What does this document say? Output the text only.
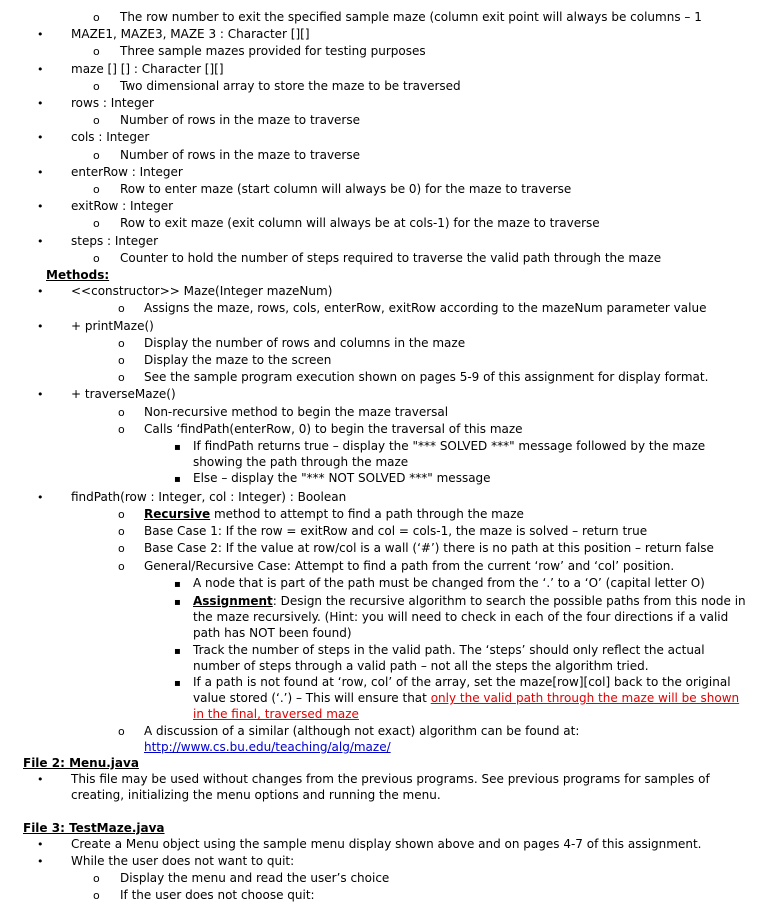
o
The row number to exit the specified sample maze (column exit point will always be columns – 1
•
MAZE1, MAZE3, MAZE 3 : Character [][]
o
Three sample mazes provided for testing purposes
•
maze [] [] : Character [][]
o
Two dimensional array to store the maze to be traversed
•
rows : Integer
o
Number of rows in the maze to traverse
•
cols : Integer
o
Number of rows in the maze to traverse
•
enterRow : Integer
o
Row to enter maze (start column will always be 0) for the maze to traverse
•
exitRow : Integer
o
Row to exit maze (exit column will always be at cols-1) for the maze to traverse
•
steps : Integer
o
Counter to hold the number of steps required to traverse the valid path through the maze
Methods:
•
<<constructor>> Maze(Integer mazeNum)
o
Assigns the maze, rows, cols, enterRow, exitRow according to the mazeNum parameter value
•
+ printMaze()
o
Display the number of rows and columns in the maze
o
Display the maze to the screen
o
See the sample program execution shown on pages 5-9 of this assignment for display format.
•
+ traverseMaze()
o
Non-recursive method to begin the maze traversal
o
Calls ‘findPath(enterRow, 0) to begin the traversal of this maze
▪
If findPath returns true – display the "*** SOLVED ***" message followed by the maze showing the path through the maze
▪
Else – display the "*** NOT SOLVED ***" message
•
findPath(row : Integer, col : Integer) : Boolean
o
Recursive method to attempt to find a path through the maze
o
Base Case 1: If the row = exitRow and col = cols-1, the maze is solved – return true
o
Base Case 2: If the value at row/col is a wall (‘#’) there is no path at this position – return false
o
General/Recursive Case: Attempt to find a path from the current ‘row’ and ‘col’ position.
▪
A node that is part of the path must be changed from the ‘.’ to a ‘O’ (capital letter O)
▪
Assignment: Design the recursive algorithm to search the possible paths from this node in the maze recursively. (Hint: you will need to check in each of the four directions if a valid path has NOT been found)
▪
Track the number of steps in the valid path. The ‘steps’ should only reflect the actual number of steps through a valid path – not all the steps the algorithm tried.
▪
If a path is not found at ‘row, col’ of the array, set the maze[row][col] back to the original value stored (‘.’) – This will ensure that only the valid path through the maze will be shown in the final, traversed maze
o
A discussion of a similar (although not exact) algorithm can be found at:
http://www.cs.bu.edu/teaching/alg/maze/
File 2: Menu.java
•
This file may be used without changes from the previous programs. See previous programs for samples of creating, initializing the menu options and running the menu.
File 3: TestMaze.java
•
Create a Menu object using the sample menu display shown above and on pages 4-7 of this assignment.
•
While the user does not want to quit:
o
Display the menu and read the user’s choice
o
If the user does not choose quit:
